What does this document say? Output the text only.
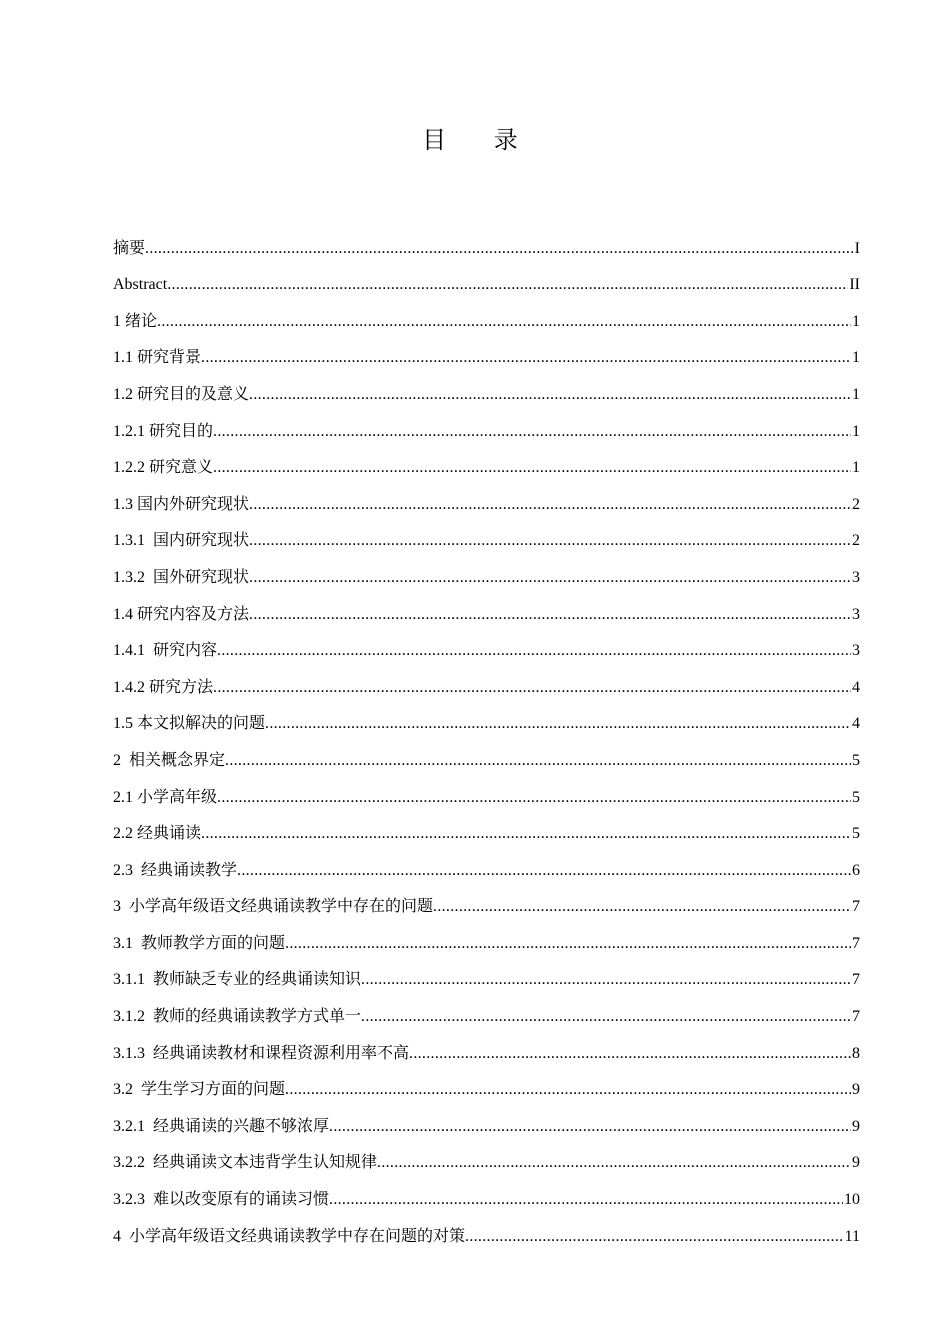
目 录
摘要 .....	I
Abstract .....	II
1 绪论 .....	1
1.1 研究背景 .....	1
1.2 研究目的及意义 .....	1
1.2.1 研究目的 .....	1
1.2.2 研究意义 .....	1
1.3 国内外研究现状 .....	2
1.3.1  国内研究现状 .....	2
1.3.2  国外研究现状 .....	3
1.4 研究内容及方法 .....	3
1.4.1  研究内容 .....	3
1.4.2 研究方法 .....	4
1.5 本文拟解决的问题 .....	4
2  相关概念界定 .....	5
2.1 小学高年级 .....	5
2.2 经典诵读 .....	5
2.3  经典诵读教学 .....	6
3  小学高年级语文经典诵读教学中存在的问题 .....	7
3.1  教师教学方面的问题 .....	7
3.1.1  教师缺乏专业的经典诵读知识 .....	7
3.1.2  教师的经典诵读教学方式单一 .....	7
3.1.3  经典诵读教材和课程资源利用率不高 .....	8
3.2  学生学习方面的问题 .....	9
3.2.1  经典诵读的兴趣不够浓厚 .....	9
3.2.2  经典诵读文本违背学生认知规律 .....	9
3.2.3  难以改变原有的诵读习惯 .....	10
4  小学高年级语文经典诵读教学中存在问题的对策 .....	11
